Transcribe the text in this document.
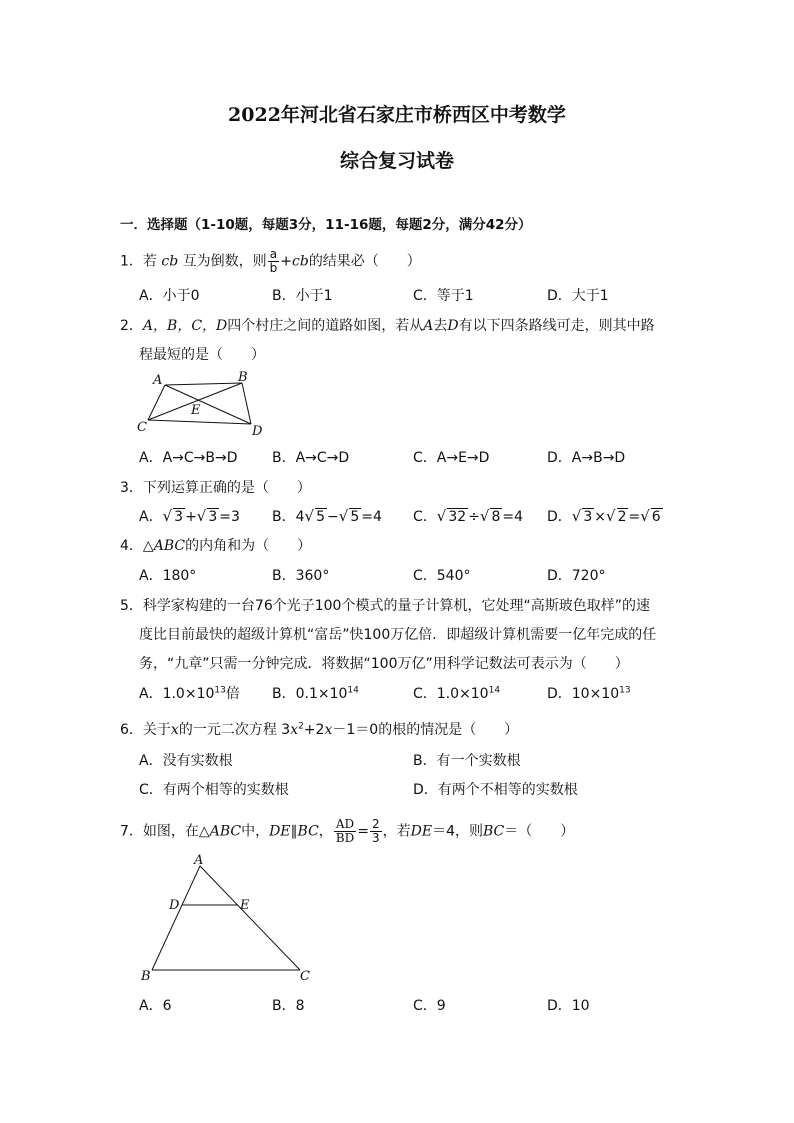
2022年河北省石家庄市桥西区中考数学
综合复习试卷
一．选择题（1-10题，每题3分，11-16题，每题2分，满分42分）
1．若 cb 互为倒数，则 $\frac{a}{b} +cb$的结果必（　　）
A．小于0	B．小于1	C．等于1	D．大于1
2．A，B，C，D四个村庄之间的道路如图，若从A去D有以下四条路线可走，则其中路
程最短的是（　　）
A	B
C	D
E
A．A→C→B→D B．A→C→D	C．A→E→D	D．A→B→D
3．下列运算正确的是（　　）
A．√ 3 +√ 3 =3 B．4√ 5 −√ 5 =4 C．√ 32 ÷√ 8 =4 D．√ 3 ×√ 2 =√ 6
4．△ABC的内角和为（　　）
A．180°	B．360°	C．540°	D．720°
5．科学家构建的一台76个光子100个模式的量子计算机，它处理“高斯玻色取样”的速
度比目前最快的超级计算机“富岳”快100万亿倍．即超级计算机需要一亿年完成的任
务，“九章”只需一分钟完成．将数据“100万亿”用科学记数法可表示为（　　）
A．$1.0\times 10^{13}$倍 B．$0.1\times 10^{14}$	C．$1.0\times 10^{14}$	D．$10\times 10^{13}$
6．关于x的一元二次方程 $3x^2+2x-1=0$的根的情况是（　　）
A．没有实数根	B．有一个实数根
C．有两个相等的实数根	D．有两个不相等的实数根
7．如图，在△ABC中，DE∥BC， $\frac{AD}{BD} = \frac{2}{3}$ ，若DE＝4，则BC＝（　　）
A
B	C
D	E
A．6	B．8	C．9	D．10
